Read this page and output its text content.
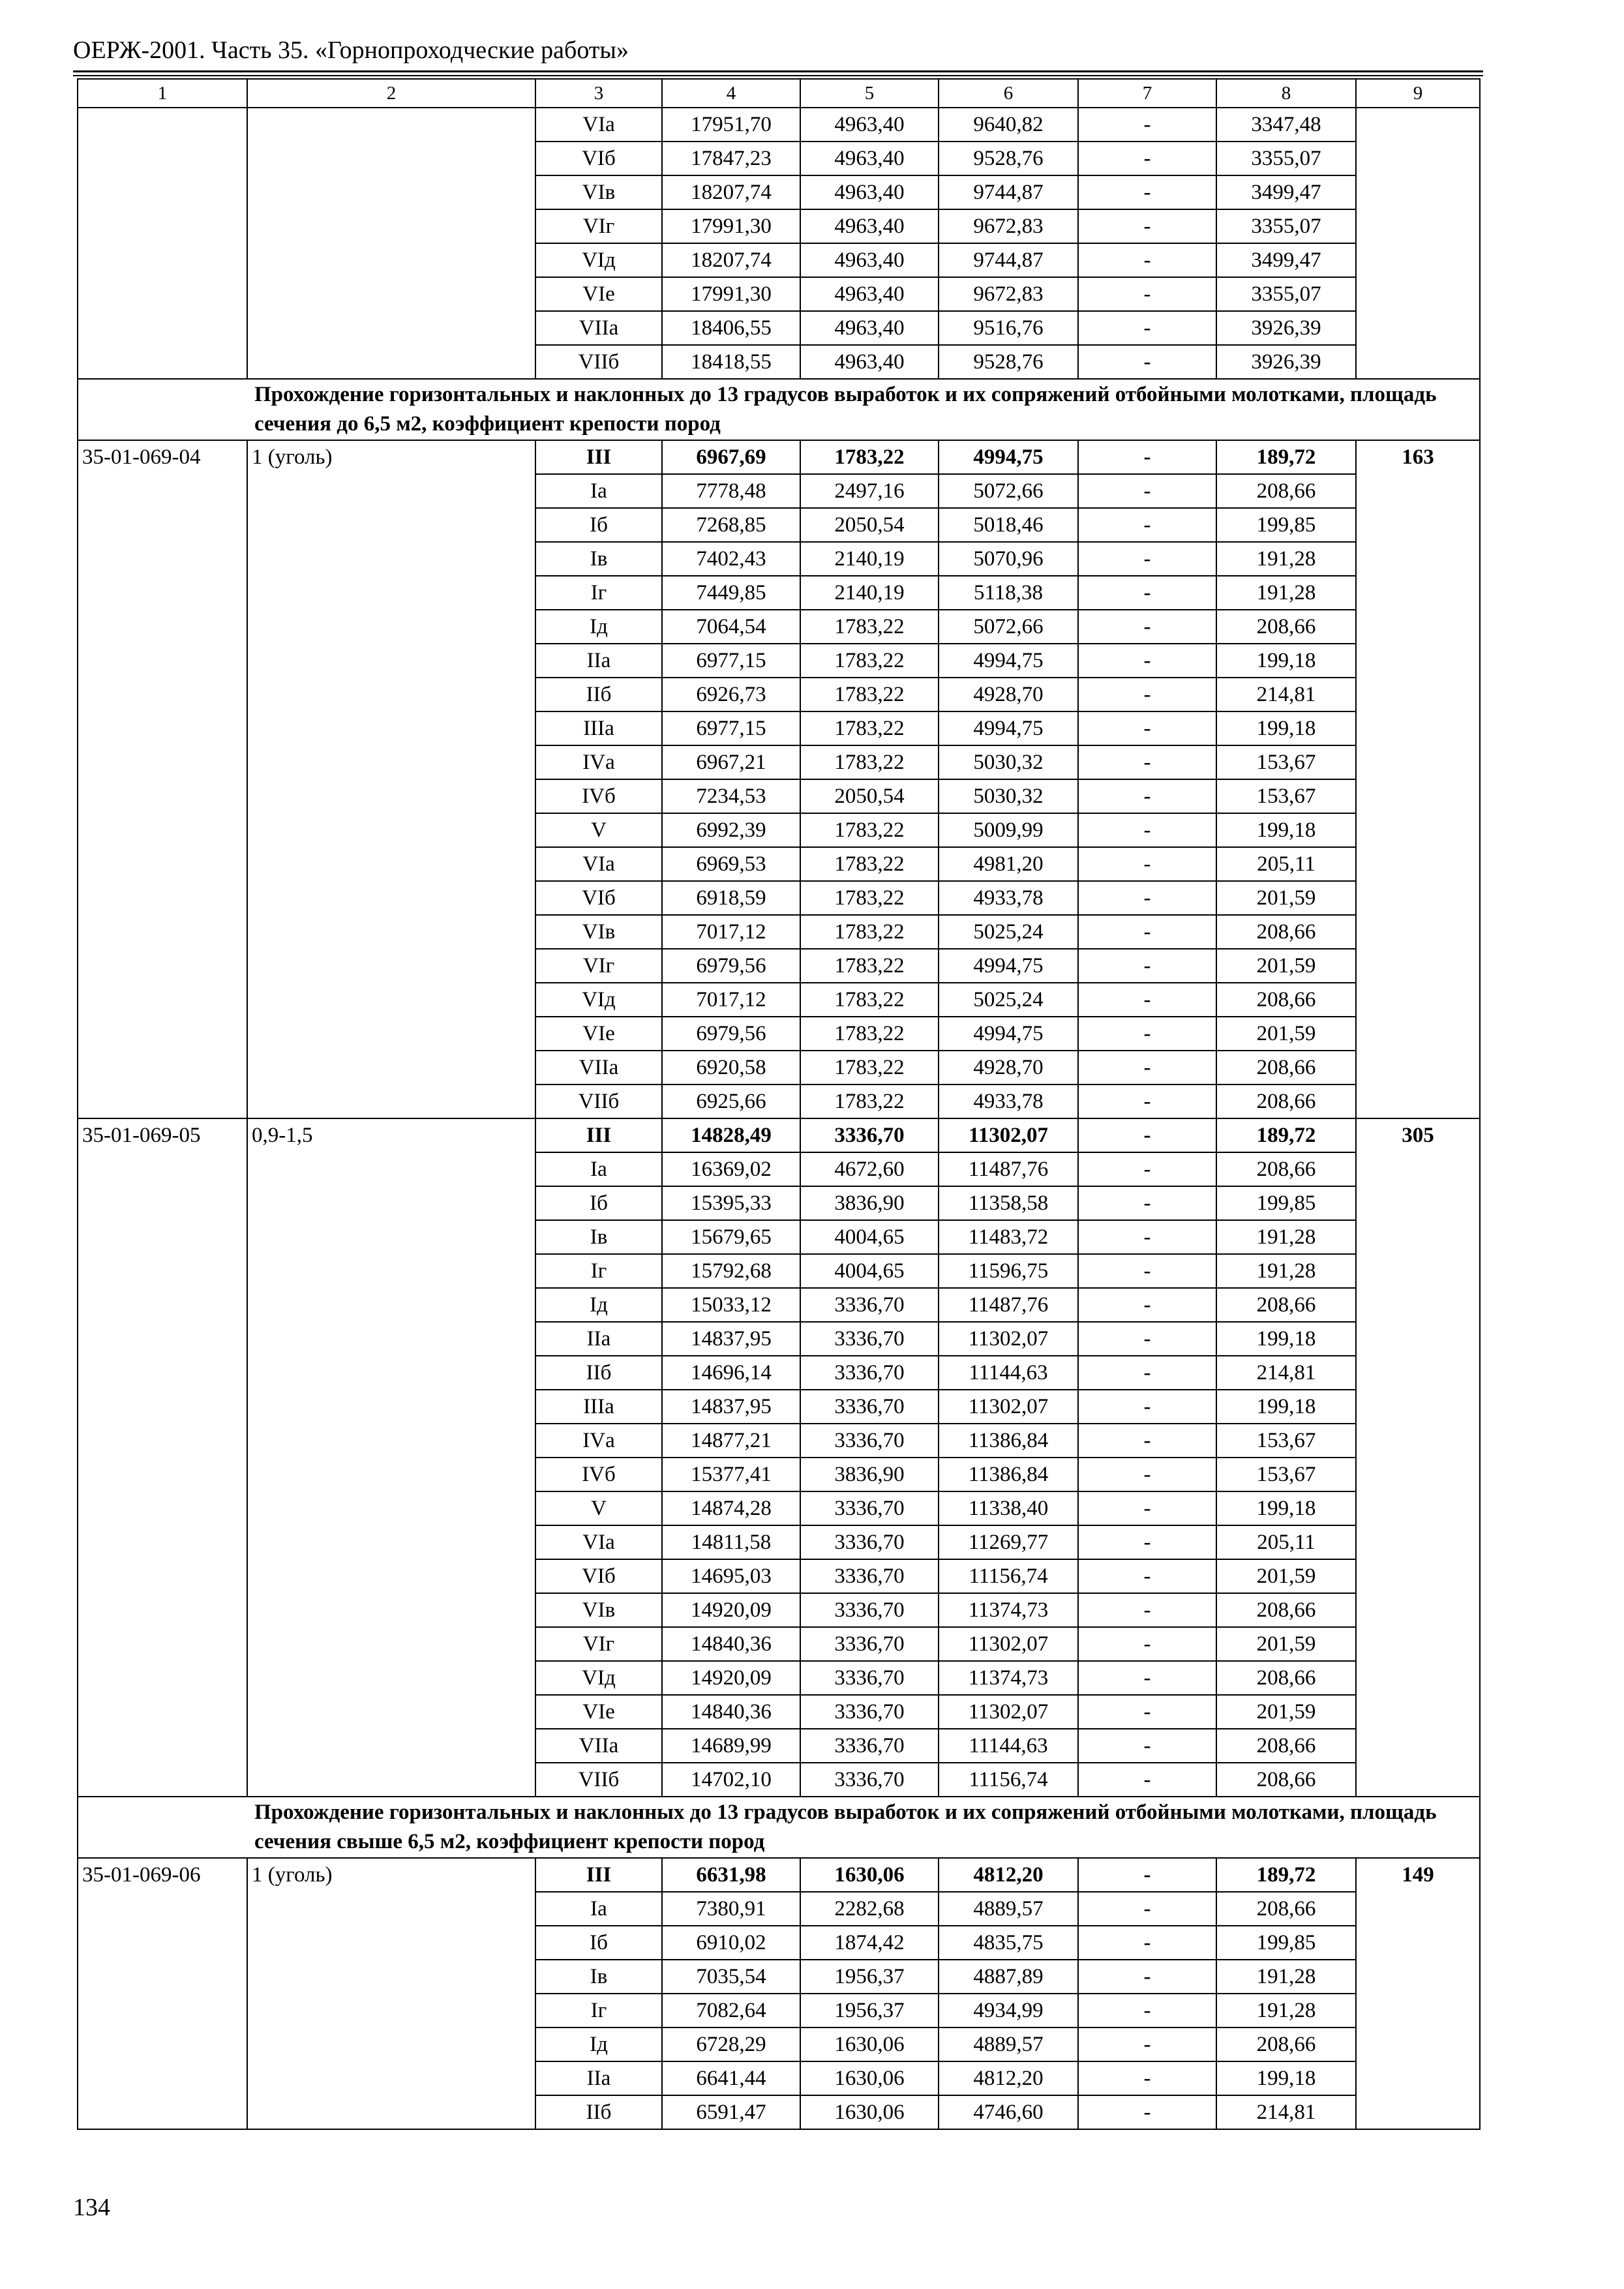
ОЕРЖ-2001. Часть 35. «Горнопроходческие работы»
1	2	3	4	5	6	7	8	9
		VIа	17951,70	4963,40	9640,82	-	3347,48	
		VIб	17847,23	4963,40	9528,76	-	3355,07	
		VIв	18207,74	4963,40	9744,87	-	3499,47	
		VIг	17991,30	4963,40	9672,83	-	3355,07	
		VIд	18207,74	4963,40	9744,87	-	3499,47	
		VIе	17991,30	4963,40	9672,83	-	3355,07	
		VIIа	18406,55	4963,40	9516,76	-	3926,39	
		VIIб	18418,55	4963,40	9528,76	-	3926,39	
Прохождение горизонтальных и наклонных до 13 градусов выработок и их сопряжений отбойными молотками, площадь сечения до 6,5 м2, коэффициент крепости пород								
35-01-069-04	1 (уголь)	III	6967,69	1783,22	4994,75	-	189,72	163
		Iа	7778,48	2497,16	5072,66	-	208,66	
		Iб	7268,85	2050,54	5018,46	-	199,85	
		Iв	7402,43	2140,19	5070,96	-	191,28	
		Iг	7449,85	2140,19	5118,38	-	191,28	
		Iд	7064,54	1783,22	5072,66	-	208,66	
		IIа	6977,15	1783,22	4994,75	-	199,18	
		IIб	6926,73	1783,22	4928,70	-	214,81	
		IIIа	6977,15	1783,22	4994,75	-	199,18	
		IVа	6967,21	1783,22	5030,32	-	153,67	
		IVб	7234,53	2050,54	5030,32	-	153,67	
		V	6992,39	1783,22	5009,99	-	199,18	
		VIа	6969,53	1783,22	4981,20	-	205,11	
		VIб	6918,59	1783,22	4933,78	-	201,59	
		VIв	7017,12	1783,22	5025,24	-	208,66	
		VIг	6979,56	1783,22	4994,75	-	201,59	
		VIд	7017,12	1783,22	5025,24	-	208,66	
		VIе	6979,56	1783,22	4994,75	-	201,59	
		VIIа	6920,58	1783,22	4928,70	-	208,66	
		VIIб	6925,66	1783,22	4933,78	-	208,66	
35-01-069-05	0,9-1,5	III	14828,49	3336,70	11302,07	-	189,72	305
		Iа	16369,02	4672,60	11487,76	-	208,66	
		Iб	15395,33	3836,90	11358,58	-	199,85	
		Iв	15679,65	4004,65	11483,72	-	191,28	
		Iг	15792,68	4004,65	11596,75	-	191,28	
		Iд	15033,12	3336,70	11487,76	-	208,66	
		IIа	14837,95	3336,70	11302,07	-	199,18	
		IIб	14696,14	3336,70	11144,63	-	214,81	
		IIIа	14837,95	3336,70	11302,07	-	199,18	
		IVа	14877,21	3336,70	11386,84	-	153,67	
		IVб	15377,41	3836,90	11386,84	-	153,67	
		V	14874,28	3336,70	11338,40	-	199,18	
		VIа	14811,58	3336,70	11269,77	-	205,11	
		VIб	14695,03	3336,70	11156,74	-	201,59	
		VIв	14920,09	3336,70	11374,73	-	208,66	
		VIг	14840,36	3336,70	11302,07	-	201,59	
		VIд	14920,09	3336,70	11374,73	-	208,66	
		VIе	14840,36	3336,70	11302,07	-	201,59	
		VIIа	14689,99	3336,70	11144,63	-	208,66	
		VIIб	14702,10	3336,70	11156,74	-	208,66	
Прохождение горизонтальных и наклонных до 13 градусов выработок и их сопряжений отбойными молотками, площадь сечения свыше 6,5 м2, коэффициент крепости пород								
35-01-069-06	1 (уголь)	III	6631,98	1630,06	4812,20	-	189,72	149
		Iа	7380,91	2282,68	4889,57	-	208,66	
		Iб	6910,02	1874,42	4835,75	-	199,85	
		Iв	7035,54	1956,37	4887,89	-	191,28	
		Iг	7082,64	1956,37	4934,99	-	191,28	
		Iд	6728,29	1630,06	4889,57	-	208,66	
		IIа	6641,44	1630,06	4812,20	-	199,18	
		IIб	6591,47	1630,06	4746,60	-	214,81	
134
